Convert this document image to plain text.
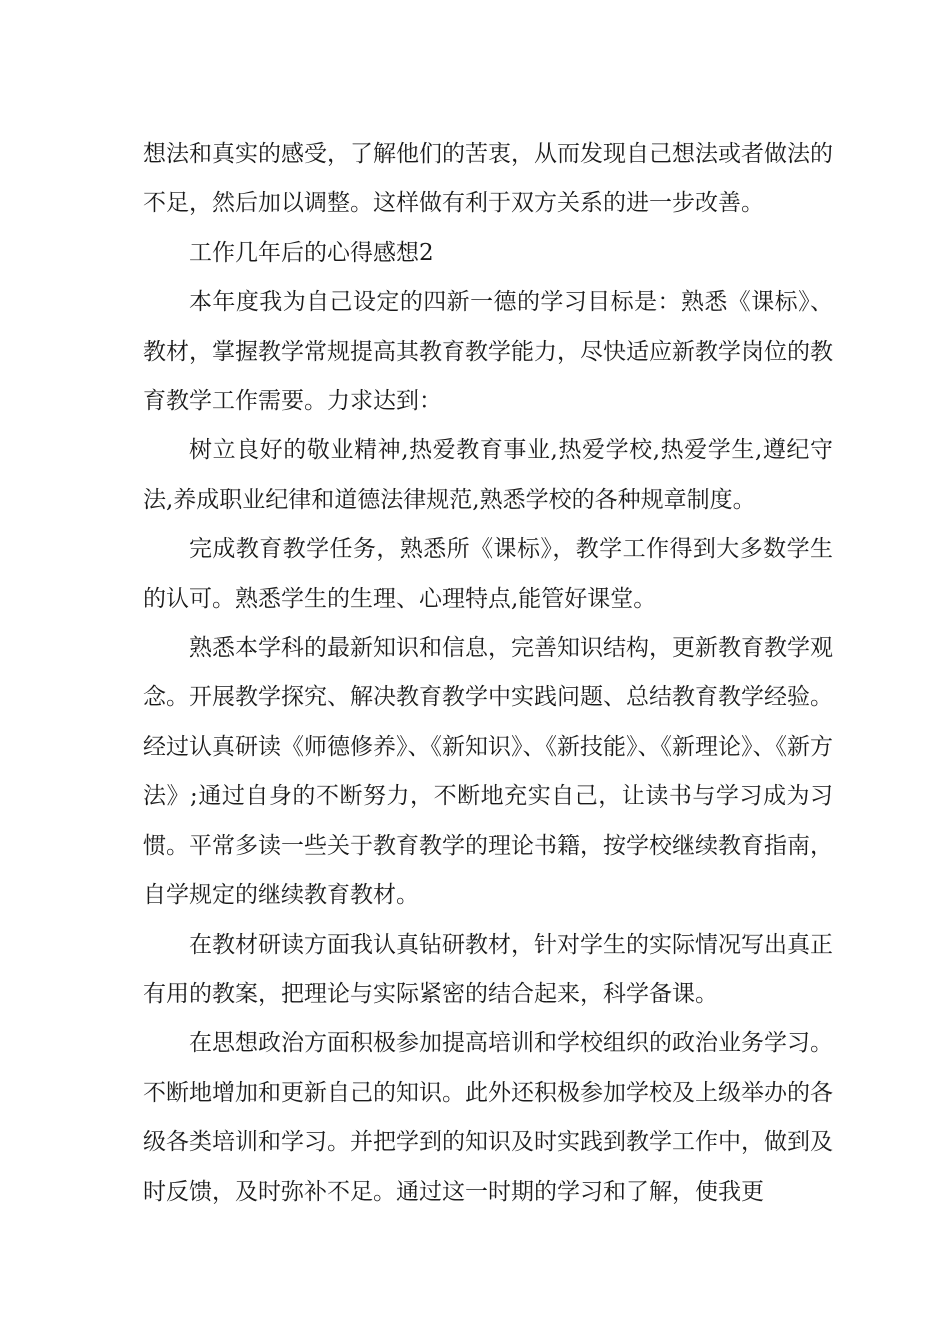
想法和真实的感受，了解他们的苦衷，从而发现自己想法或者做法的不足，然后加以调整。这样做有利于双方关系的进一步改善。

工作几年后的心得感想2

本年度我为自己设定的四新一德的学习目标是：熟悉《课标》、教材，掌握教学常规提高其教育教学能力，尽快适应新教学岗位的教育教学工作需要。力求达到：

树立良好的敬业精神,热爱教育事业,热爱学校,热爱学生,遵纪守法,养成职业纪律和道德法律规范,熟悉学校的各种规章制度。

完成教育教学任务，熟悉所《课标》，教学工作得到大多数学生的认可。熟悉学生的生理、心理特点,能管好课堂。

熟悉本学科的最新知识和信息，完善知识结构，更新教育教学观念。开展教学探究、解决教育教学中实践问题、总结教育教学经验。经过认真研读《师德修养》、《新知识》、《新技能》、《新理论》、《新方法》;通过自身的不断努力，不断地充实自己，让读书与学习成为习惯。平常多读一些关于教育教学的理论书籍，按学校继续教育指南，自学规定的继续教育教材。

在教材研读方面我认真钻研教材，针对学生的实际情况写出真正有用的教案，把理论与实际紧密的结合起来，科学备课。

在思想政治方面积极参加提高培训和学校组织的政治业务学习。不断地增加和更新自己的知识。此外还积极参加学校及上级举办的各级各类培训和学习。并把学到的知识及时实践到教学工作中，做到及时反馈，及时弥补不足。通过这一时期的学习和了解，使我更
